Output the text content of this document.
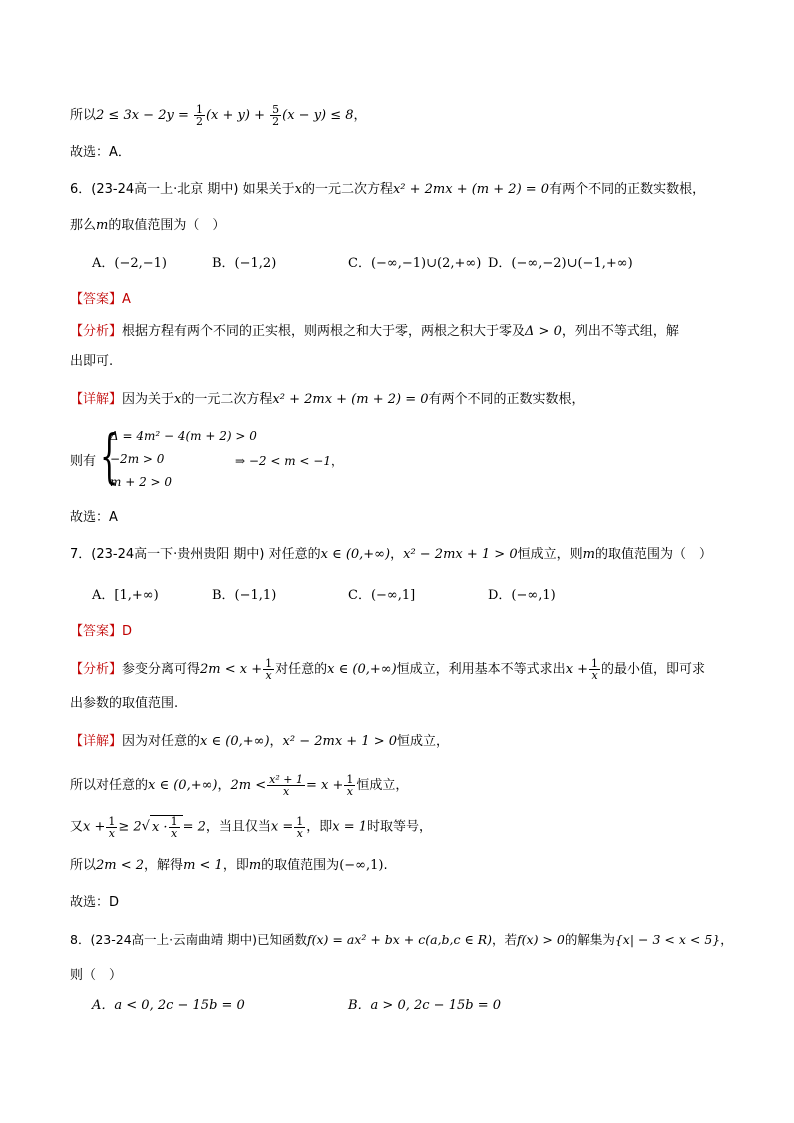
所以$2 \le 3x - 2y = \frac{1}{2} (x + y) + \frac{5}{2} (x - y) \le 8$，
故选：A．
6．(23-24高一上·北京 期中) 如果关于x的一元二次方程x² + 2mx + (m + 2) = 0有两个不同的正数实数根，
那么m的取值范围为（　）
A．(−2,−1)	B．(−1,2)	C．(−∞,−1)∪(2,+∞) D．(−∞,−2)∪(−1,+∞)
【答案】A
【分析】根据方程有两个不同的正实根，则两根之和大于零，两根之积大于零及Δ > 0，列出不等式组，解
出即可.
【详解】因为关于x的一元二次方程x² + 2mx + (m + 2) = 0有两个不同的正数实数根，
则有 {
Δ = 4m² − 4(m + 2) > 0
−2m > 0
m + 2 > 0
⇒ −2 < m < −1，
故选：A
7．(23-24高一下·贵州贵阳 期中) 对任意的x ∈ (0,+∞)，x² − 2mx + 1 > 0恒成立，则m的取值范围为（　）
A．[1,+∞)	B．(−1,1)	C．(−∞,1]	D．(−∞,1)
【答案】D
【分析】参变分离可得$2m < x + \frac{1}{x}$ 对任意的x ∈ (0,+∞)恒成立，利用基本不等式求出$x + \frac{1}{x}$ 的最小值，即可求
出参数的取值范围.
【详解】因为对任意的x ∈ (0,+∞)，x² − 2mx + 1 > 0恒成立，
所以对任意的x ∈ (0,+∞)，$2m < \frac{\text{x² + 1}}{x} = x + \frac{1}{x}$ 恒成立，
又$x + \frac{1}{x} \ge 2$ √ $x \cdot \frac{1}{x} = 2$，当且仅当$x = \frac{1}{x}$ ，即x = 1时取等号，
所以2m < 2，解得m < 1，即m的取值范围为(−∞,1).
故选：D
8．(23-24高一上·云南曲靖 期中)已知函数f(x) = ax² + bx + c(a,b,c ∈ R)，若f(x) > 0的解集为{x| − 3 < x < 5}，
则（　）
A．a < 0, 2c − 15b = 0	B．a > 0, 2c − 15b = 0
